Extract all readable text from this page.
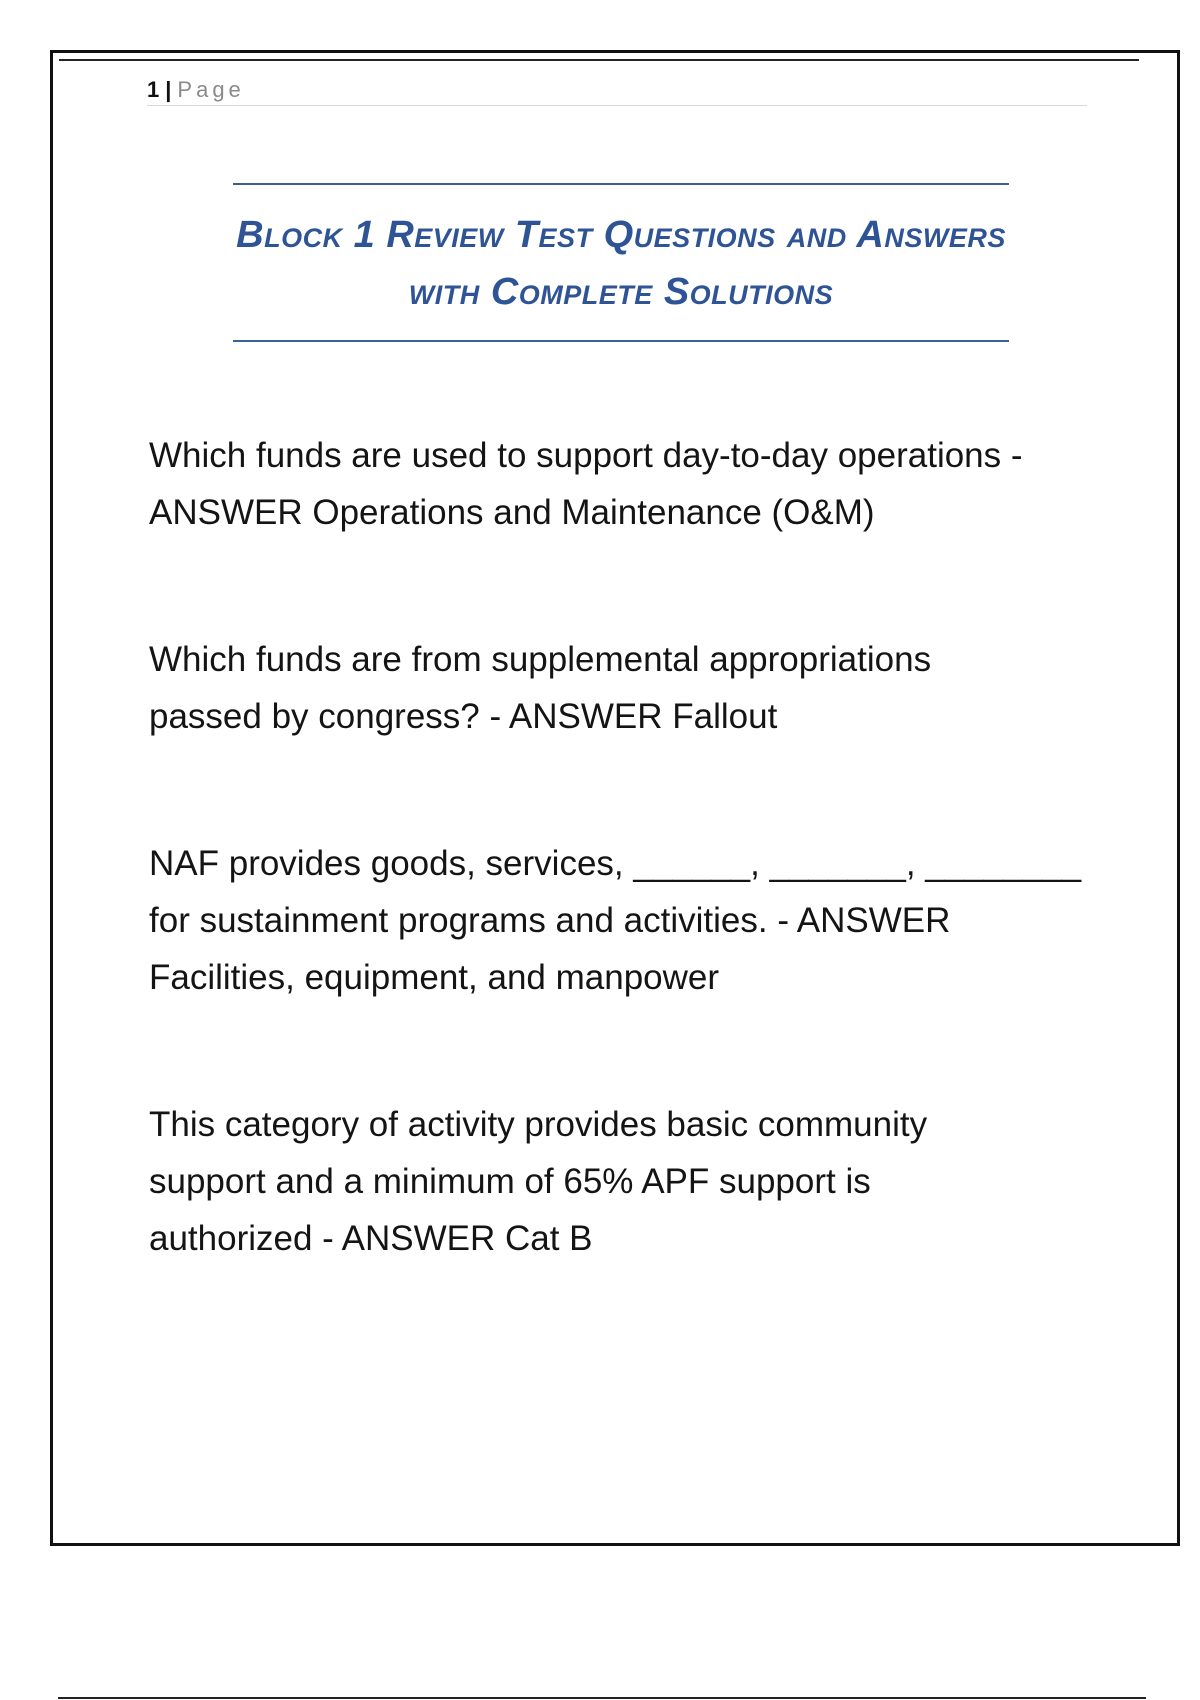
1 | Page
Block 1 Review Test Questions and Answers
with Complete Solutions
Which funds are used to support day-to-day operations - ANSWER Operations and Maintenance (O&M)
Which funds are from supplemental appropriations
passed by congress? - ANSWER Fallout
NAF provides goods, services, ______, _______, ________
for sustainment programs and activities. - ANSWER
Facilities, equipment, and manpower
This category of activity provides basic community
support and a minimum of 65% APF support is
authorized - ANSWER Cat B
